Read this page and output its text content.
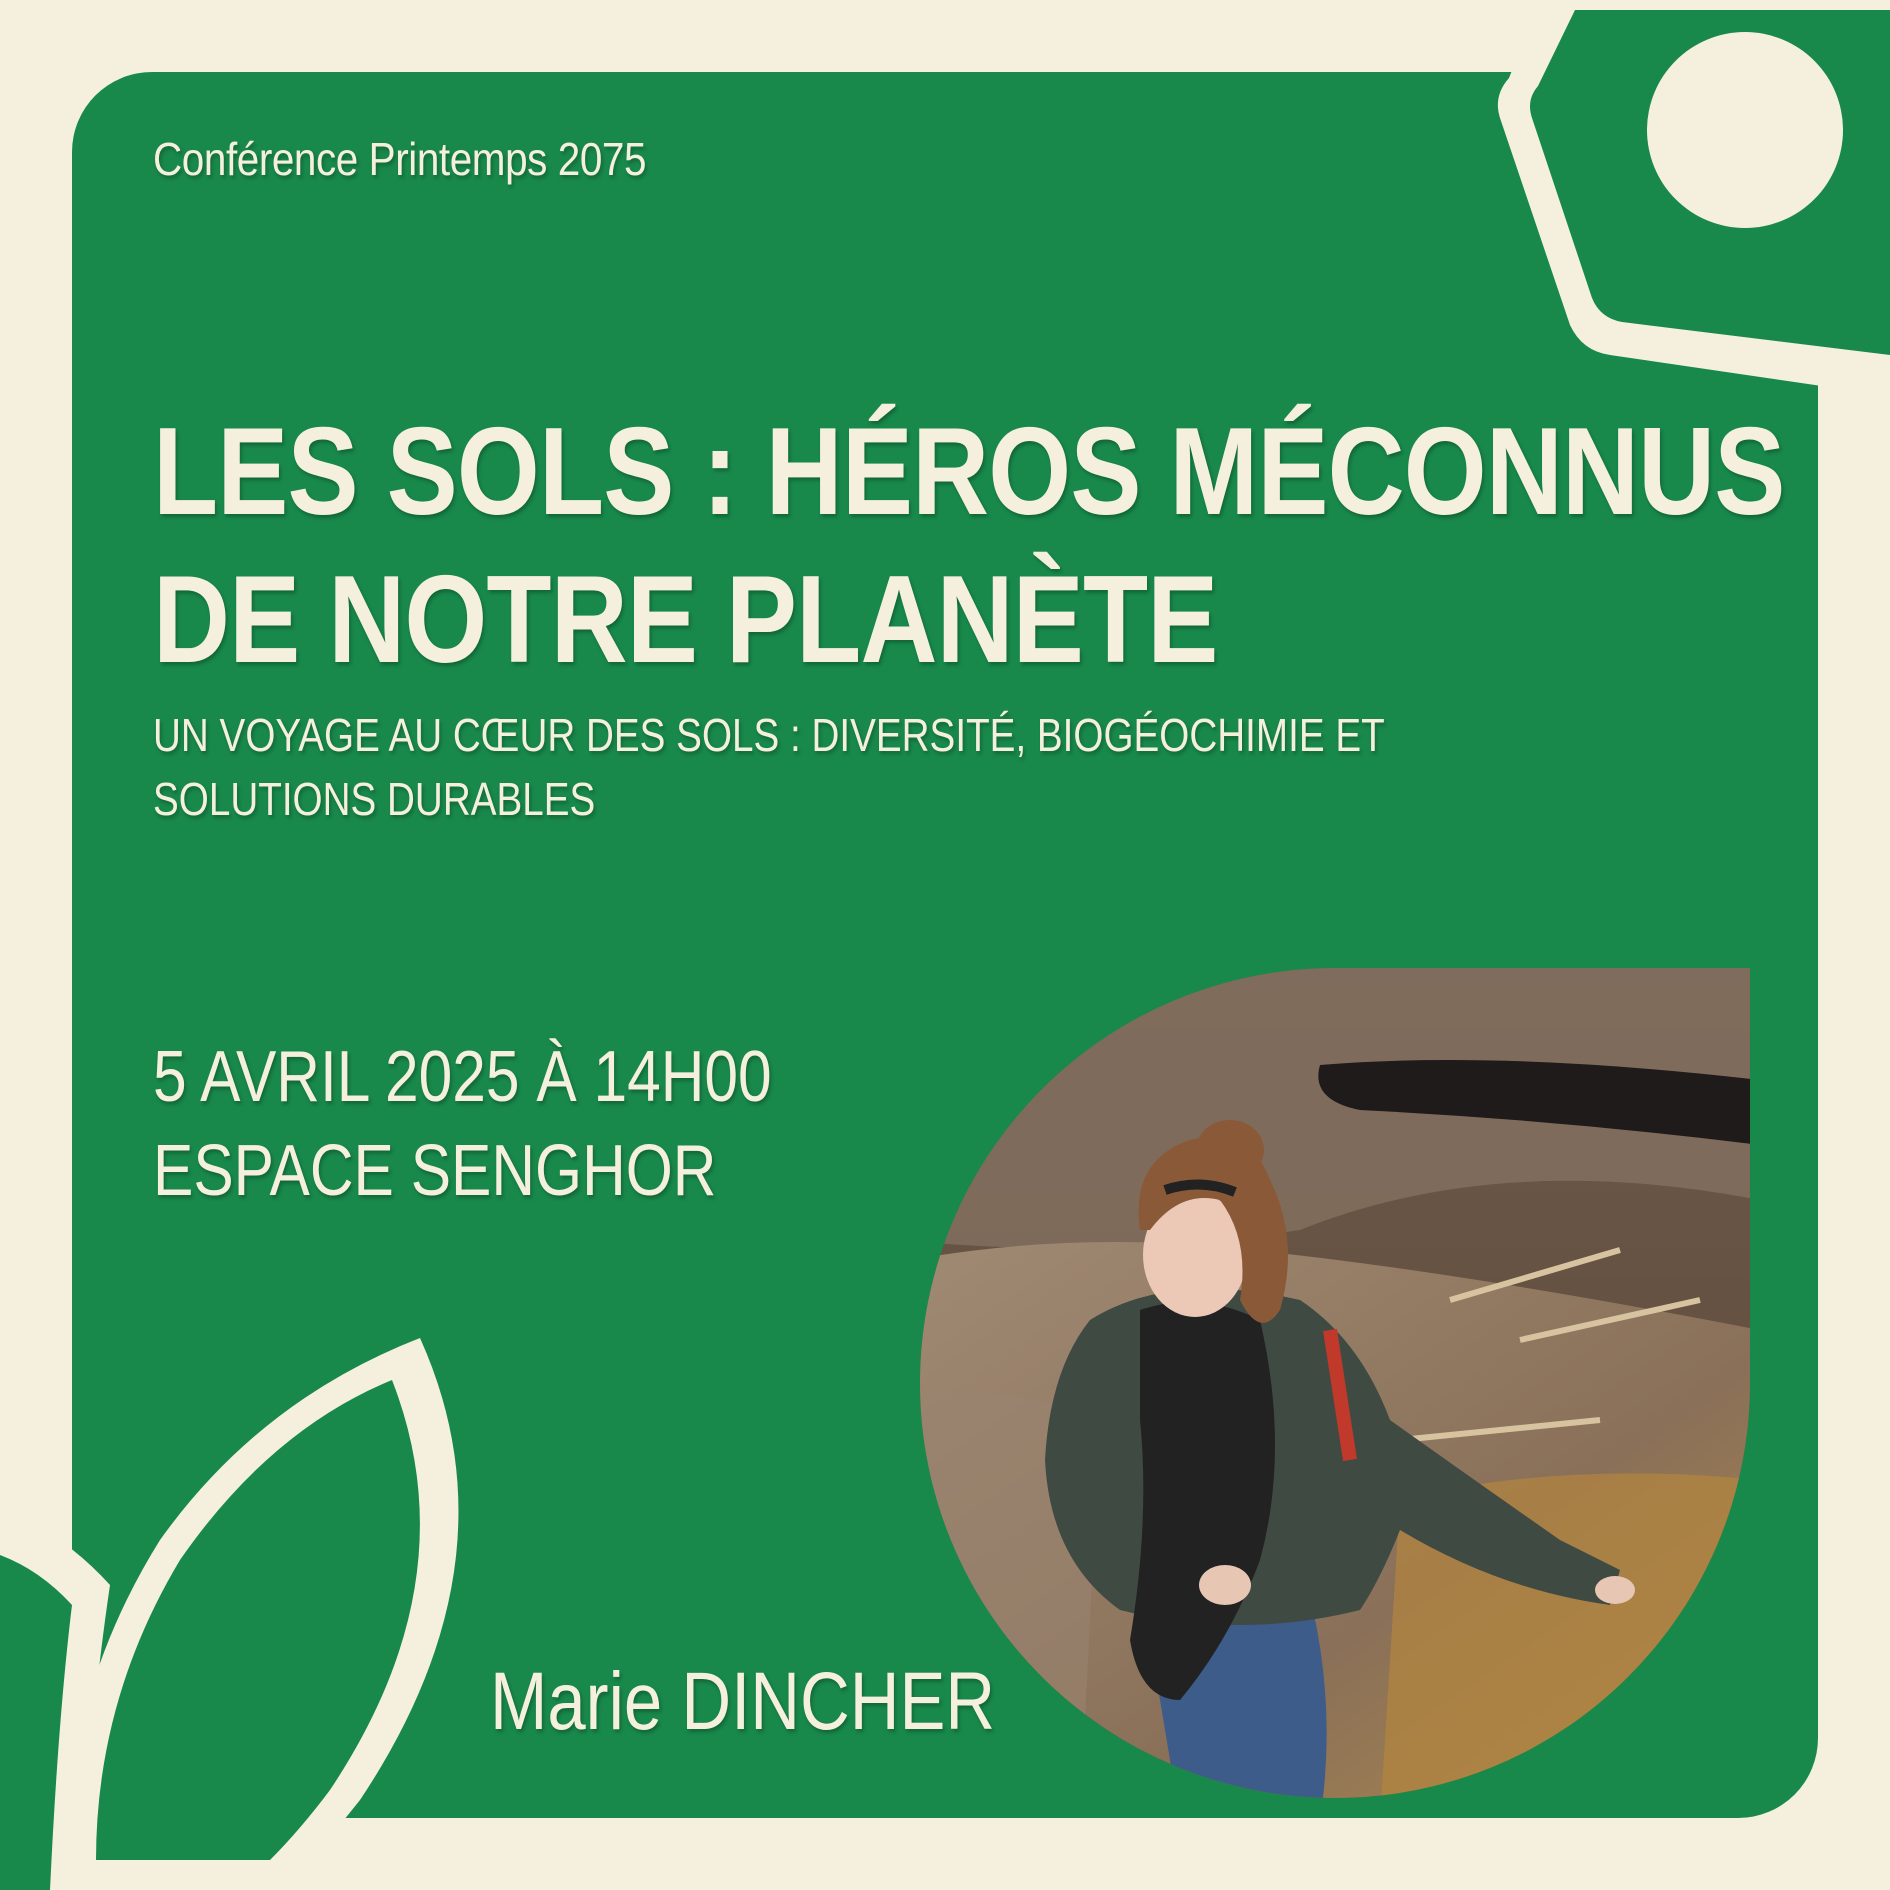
Conférence Printemps 2075
LES SOLS : HÉROS MÉCONNUS
DE NOTRE PLANÈTE
UN VOYAGE AU CŒUR DES SOLS : DIVERSITÉ, BIOGÉOCHIMIE ET
SOLUTIONS DURABLES
5 AVRIL 2025 À 14H00
ESPACE SENGHOR
Marie DINCHER
